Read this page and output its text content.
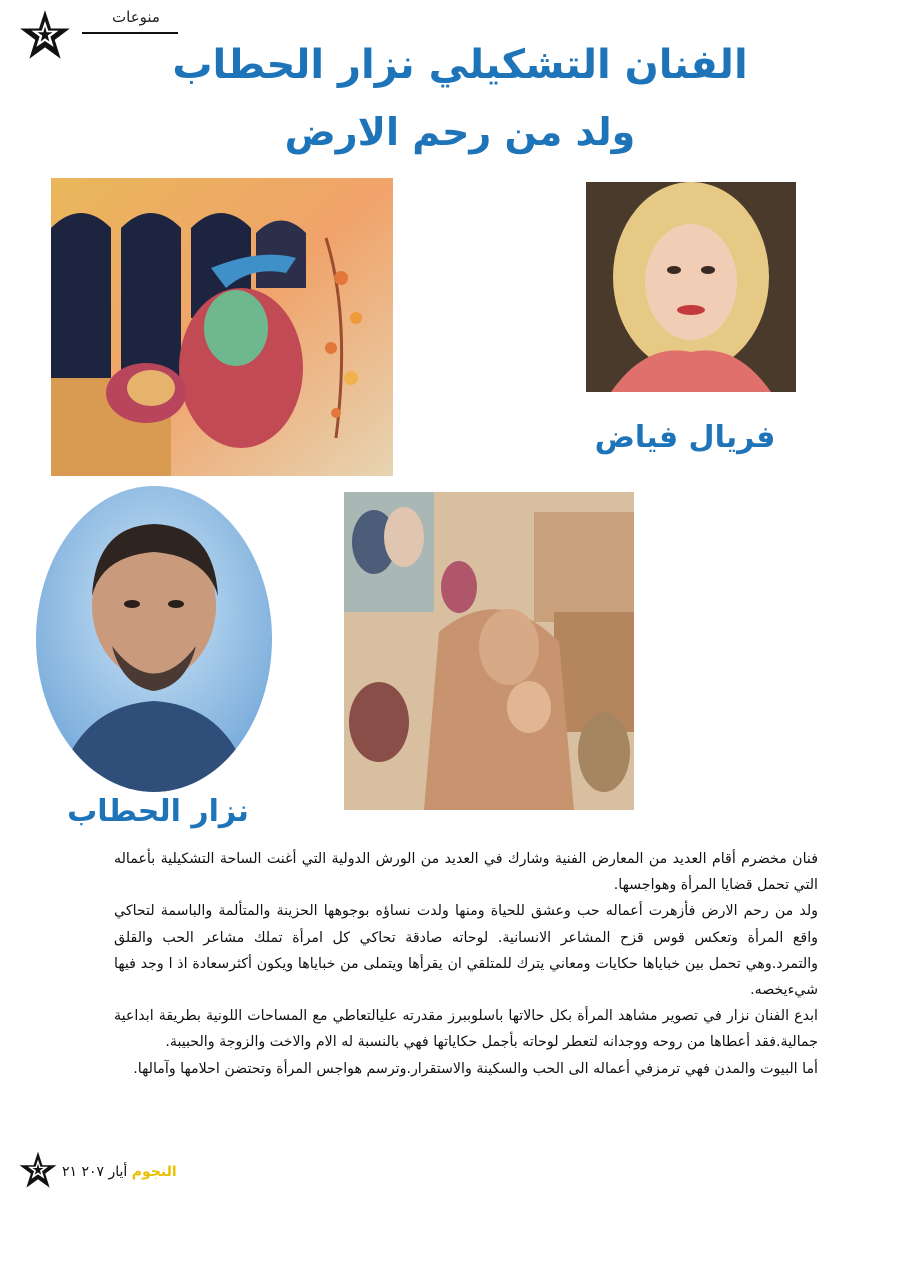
منوعات
الفنان التشكيلي نزار الحطاب
ولد من رحم الارض
فريال فياض
نزار الحطاب

فنان مخضرم أقام العديد من المعارض الفنية وشارك في العديد من الورش الدولية التي أغنت الساحة التشكيلية بأعماله التي تحمل قضايا المرأة وهواجسها.

ولد من رحم الارض فأزهرت أعماله حب وعشق للحياة ومنها ولدت نساؤه بوجوهها الحزينة والمتألمة والباسمة لتحاكي واقع المرأة وتعكس قوس قزح المشاعر الانسانية. لوحاته صادقة تحاكي كل امرأة تملك مشاعر الحب والقلق والتمرد.وهي تحمل بين خباياها حكايات ومعاني يترك للمتلقي ان يقرأها ويتملى من خباياها ويكون أكثرسعادة اذ ا وجد فيها شيءيخصه.

ابدع الفنان نزار في تصوير مشاهد المرأة بكل حالاتها باسلوببرز مقدرته عليالتعاطي مع المساحات اللونية بطريقة ابداعية جمالية.فقد أعطاها من روحه ووجدانه لتعطر لوحاته بأجمل حكاياتها فهي بالنسبة له الام والاخت والزوجة والحبيبة.

أما البيوت والمدن فهي ترمزفي أعماله الى الحب والسكينة والاستقرار.وترسم هواجس المرأة وتحتضن احلامها وآمالها.

النجوم أيار ٢٠٧ ٢١
